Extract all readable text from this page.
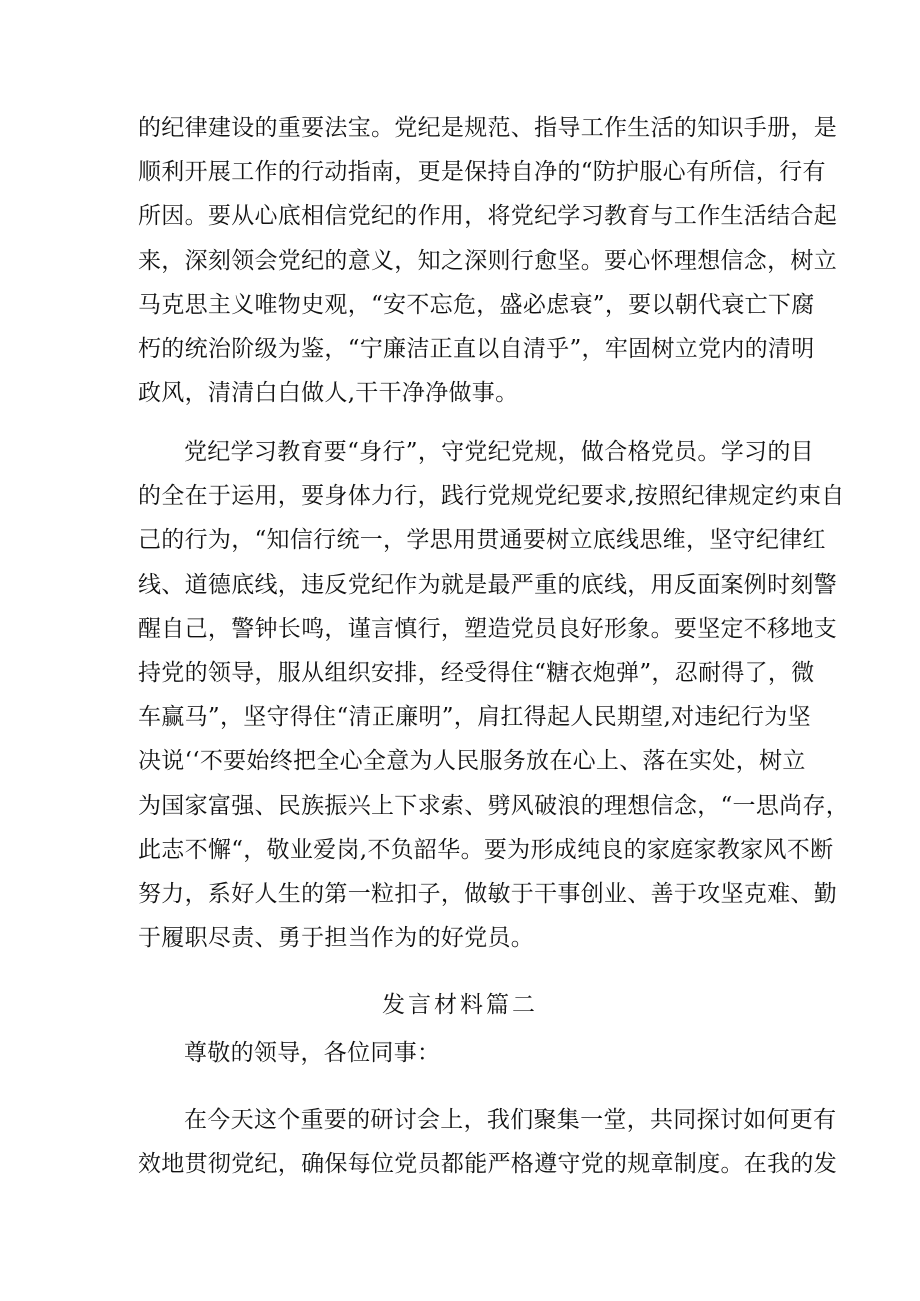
的纪律建设的重要法宝。党纪是规范、指导工作生活的知识手册，是
顺利开展工作的行动指南，更是保持自净的“防护服心有所信，行有
所因。要从心底相信党纪的作用，将党纪学习教育与工作生活结合起
来，深刻领会党纪的意义，知之深则行愈坚。要心怀理想信念，树立
马克思主义唯物史观，“安不忘危，盛必虑衰”，要以朝代衰亡下腐
朽的统治阶级为鉴，“宁廉洁正直以自清乎”，牢固树立党内的清明
政风，清清白白做人,干干净净做事。
党纪学习教育要“身行”，守党纪党规，做合格党员。学习的目
的全在于运用，要身体力行，践行党规党纪要求,按照纪律规定约束自
己的行为，“知信行统一，学思用贯通要树立底线思维，坚守纪律红
线、道德底线，违反党纪作为就是最严重的底线，用反面案例时刻警
醒自己，警钟长鸣，谨言慎行，塑造党员良好形象。要坚定不移地支
持党的领导，服从组织安排，经受得住“糖衣炮弹”，忍耐得了，微
车赢马”，坚守得住“清正廉明”，肩扛得起人民期望,对违纪行为坚
决说‘‘不要始终把全心全意为人民服务放在心上、落在实处，树立
为国家富强、民族振兴上下求索、劈风破浪的理想信念，“一思尚存，
此志不懈“，敬业爱岗,不负韶华。要为形成纯良的家庭家教家风不断
努力，系好人生的第一粒扣子，做敏于干事创业、善于攻坚克难、勤
于履职尽责、勇于担当作为的好党员。
发言材料篇二
尊敬的领导，各位同事：
在今天这个重要的研讨会上，我们聚集一堂，共同探讨如何更有
效地贯彻党纪，确保每位党员都能严格遵守党的规章制度。在我的发
